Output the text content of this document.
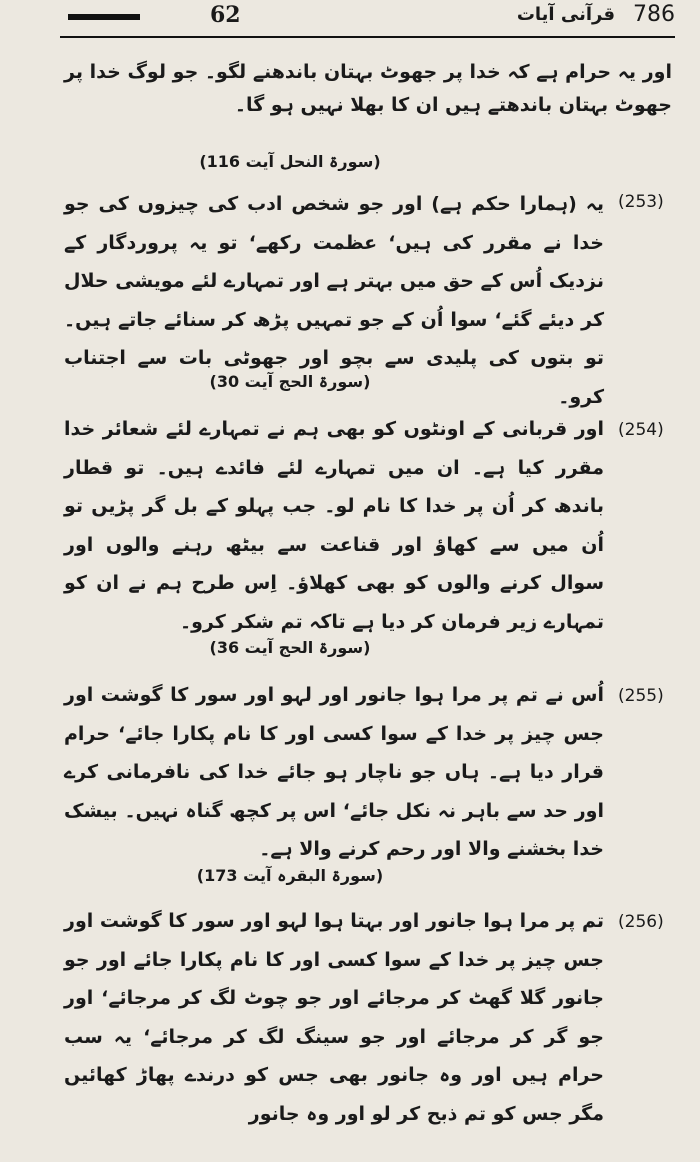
62	قرآنی آیات 786
اور یہ حرام ہے کہ خدا پر جھوٹ بہتان باندھنے لگو۔ جو لوگ خدا پر جھوٹ بہتان باندھتے ہیں ان کا بھلا نہیں ہو گا۔
(سورۃ النحل آیت 116)
(253)
یہ (ہمارا حکم ہے) اور جو شخص ادب کی چیزوں کی جو خدا نے مقرر کی ہیں‘ عظمت رکھے‘ تو یہ پروردگار کے نزدیک اُس کے حق میں بہتر ہے اور تمہارے لئے مویشی حلال کر دیئے گئے‘ سوا اُن کے جو تمہیں پڑھ کر سنائے جاتے ہیں۔ تو بتوں کی پلیدی سے بچو اور جھوٹی بات سے اجتناب کرو۔
(سورۃ الحج آیت 30)
(254)
اور قربانی کے اونٹوں کو بھی ہم نے تمہارے لئے شعائر خدا مقرر کیا ہے۔ ان میں تمہارے لئے فائدے ہیں۔ تو قطار باندھ کر اُن پر خدا کا نام لو۔ جب پہلو کے بل گر پڑیں تو اُن میں سے کھاؤ اور قناعت سے بیٹھ رہنے والوں اور سوال کرنے والوں کو بھی کھلاؤ۔ اِس طرح ہم نے ان کو تمہارے زیر فرمان کر دیا ہے تاکہ تم شکر کرو۔
(سورۃ الحج آیت 36)
(255)
اُس نے تم پر مرا ہوا جانور اور لہو اور سور کا گوشت اور جس چیز پر خدا کے سوا کسی اور کا نام پکارا جائے‘ حرام قرار دیا ہے۔ ہاں جو ناچار ہو جائے خدا کی نافرمانی کرے اور حد سے باہر نہ نکل جائے‘ اس پر کچھ گناہ نہیں۔ بیشک خدا بخشنے والا اور رحم کرنے والا ہے۔
(سورۃ البقرہ آیت 173)
(256)
تم پر مرا ہوا جانور اور بہتا ہوا لہو اور سور کا گوشت اور جس چیز پر خدا کے سوا کسی اور کا نام پکارا جائے اور جو جانور گلا گھٹ کر مرجائے اور جو چوٹ لگ کر مرجائے‘ اور جو گر کر مرجائے اور جو سینگ لگ کر مرجائے‘ یہ سب حرام ہیں اور وہ جانور بھی جس کو درندے پھاڑ کھائیں مگر جس کو تم ذبح کر لو اور وہ جانور
